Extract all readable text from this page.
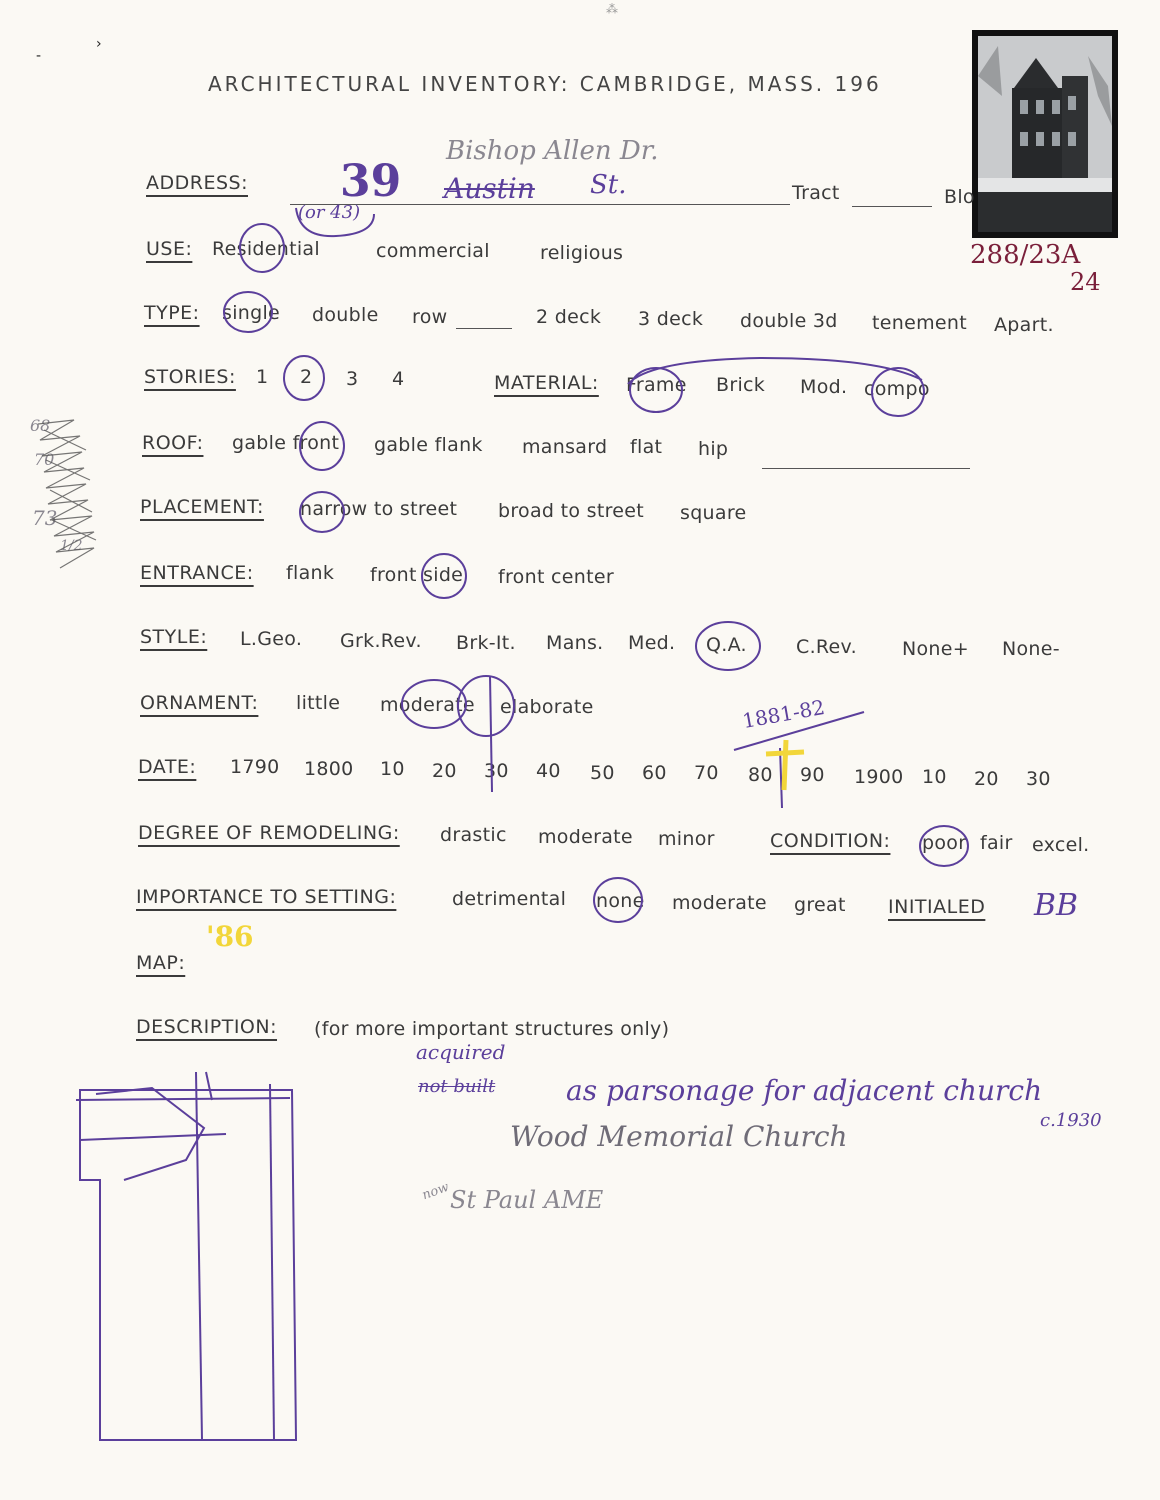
-
›
⁂
ARCHITECTURAL INVENTORY: CAMBRIDGE, MASS. 196
ADDRESS: 39
(or 43)
Austin St.
Bishop Allen Dr.
Tract	Blo
288/23A
24
USE: Residential	commercial	religious
TYPE: single double row	2 deck 3 deck double 3d tenement Apart.
STORIES: 1 2 3 4	MATERIAL: Frame Brick Mod. compo
68
70
73
1/2
ROOF: gable front gable flank mansard flat hip
PLACEMENT: narrow to street broad to street square
ENTRANCE: flank front side front center
STYLE: L.Geo. Grk.Rev. Brk-It. Mans. Med. Q.A.	C.Rev. None+ None-
ORNAMENT: little moderate elaborate	1881-82
DATE: 1790 1800 10 20 30 40 50 60 70 80 90 1900 10 20 30
DEGREE OF REMODELING: drastic moderate minor	CONDITION: poor fair excel.
IMPORTANCE TO SETTING:	detrimental none moderate great INITIALED BB
'86
MAP:
DESCRIPTION: (for more important structures only)
acquired
not built	as parsonage for adjacent church
c.1930
Wood Memorial Church
now
St Paul AME
